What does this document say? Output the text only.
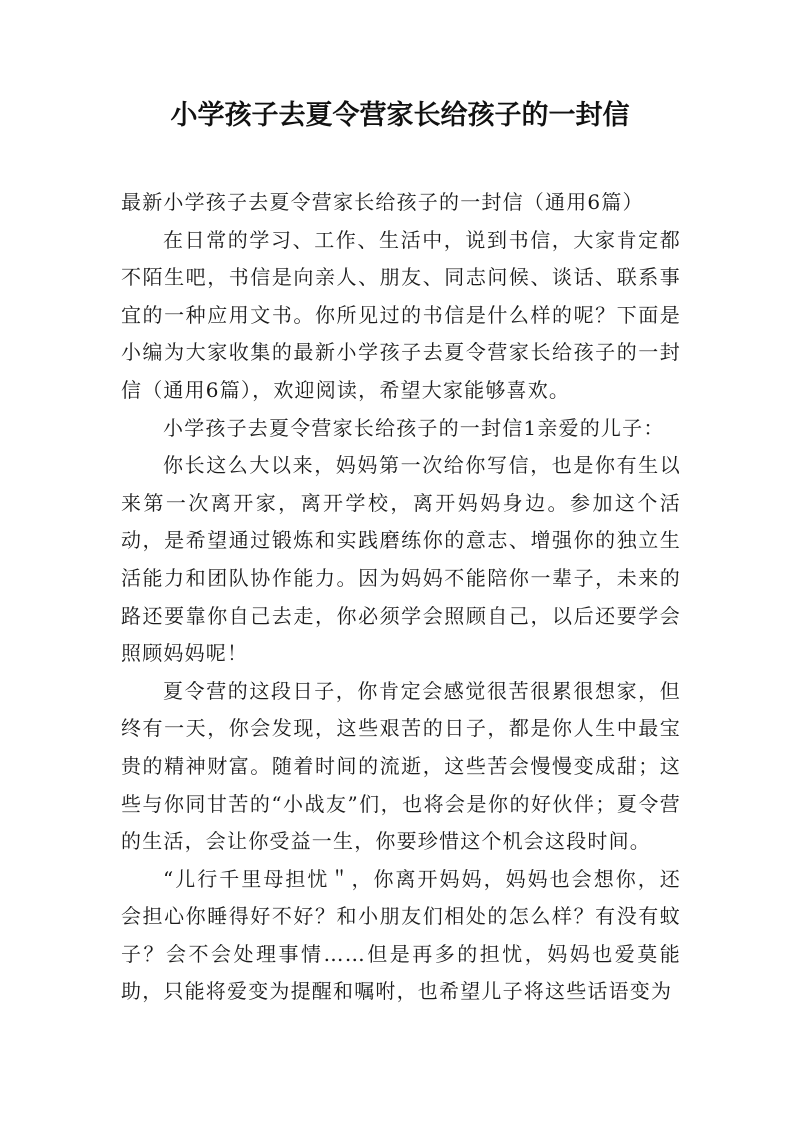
小学孩子去夏令营家长给孩子的一封信

最新小学孩子去夏令营家长给孩子的一封信（通用6篇）

在日常的学习、工作、生活中，说到书信，大家肯定都不陌生吧，书信是向亲人、朋友、同志问候、谈话、联系事宜的一种应用文书。你所见过的书信是什么样的呢？下面是小编为大家收集的最新小学孩子去夏令营家长给孩子的一封信（通用6篇），欢迎阅读，希望大家能够喜欢。

小学孩子去夏令营家长给孩子的一封信1亲爱的儿子：

你长这么大以来，妈妈第一次给你写信，也是你有生以来第一次离开家，离开学校，离开妈妈身边。参加这个活动，是希望通过锻炼和实践磨练你的意志、增强你的独立生活能力和团队协作能力。因为妈妈不能陪你一辈子，未来的路还要靠你自己去走，你必须学会照顾自己，以后还要学会照顾妈妈呢！

夏令营的这段日子，你肯定会感觉很苦很累很想家，但终有一天，你会发现，这些艰苦的日子，都是你人生中最宝贵的精神财富。随着时间的流逝，这些苦会慢慢变成甜；这些与你同甘苦的“小战友”们，也将会是你的好伙伴；夏令营的生活，会让你受益一生，你要珍惜这个机会这段时间。

“儿行千里母担忧＂，你离开妈妈，妈妈也会想你，还会担心你睡得好不好？和小朋友们相处的怎么样？有没有蚊子？会不会处理事情……但是再多的担忧，妈妈也爱莫能助，只能将爱变为提醒和嘱咐，也希望儿子将这些话语变为
